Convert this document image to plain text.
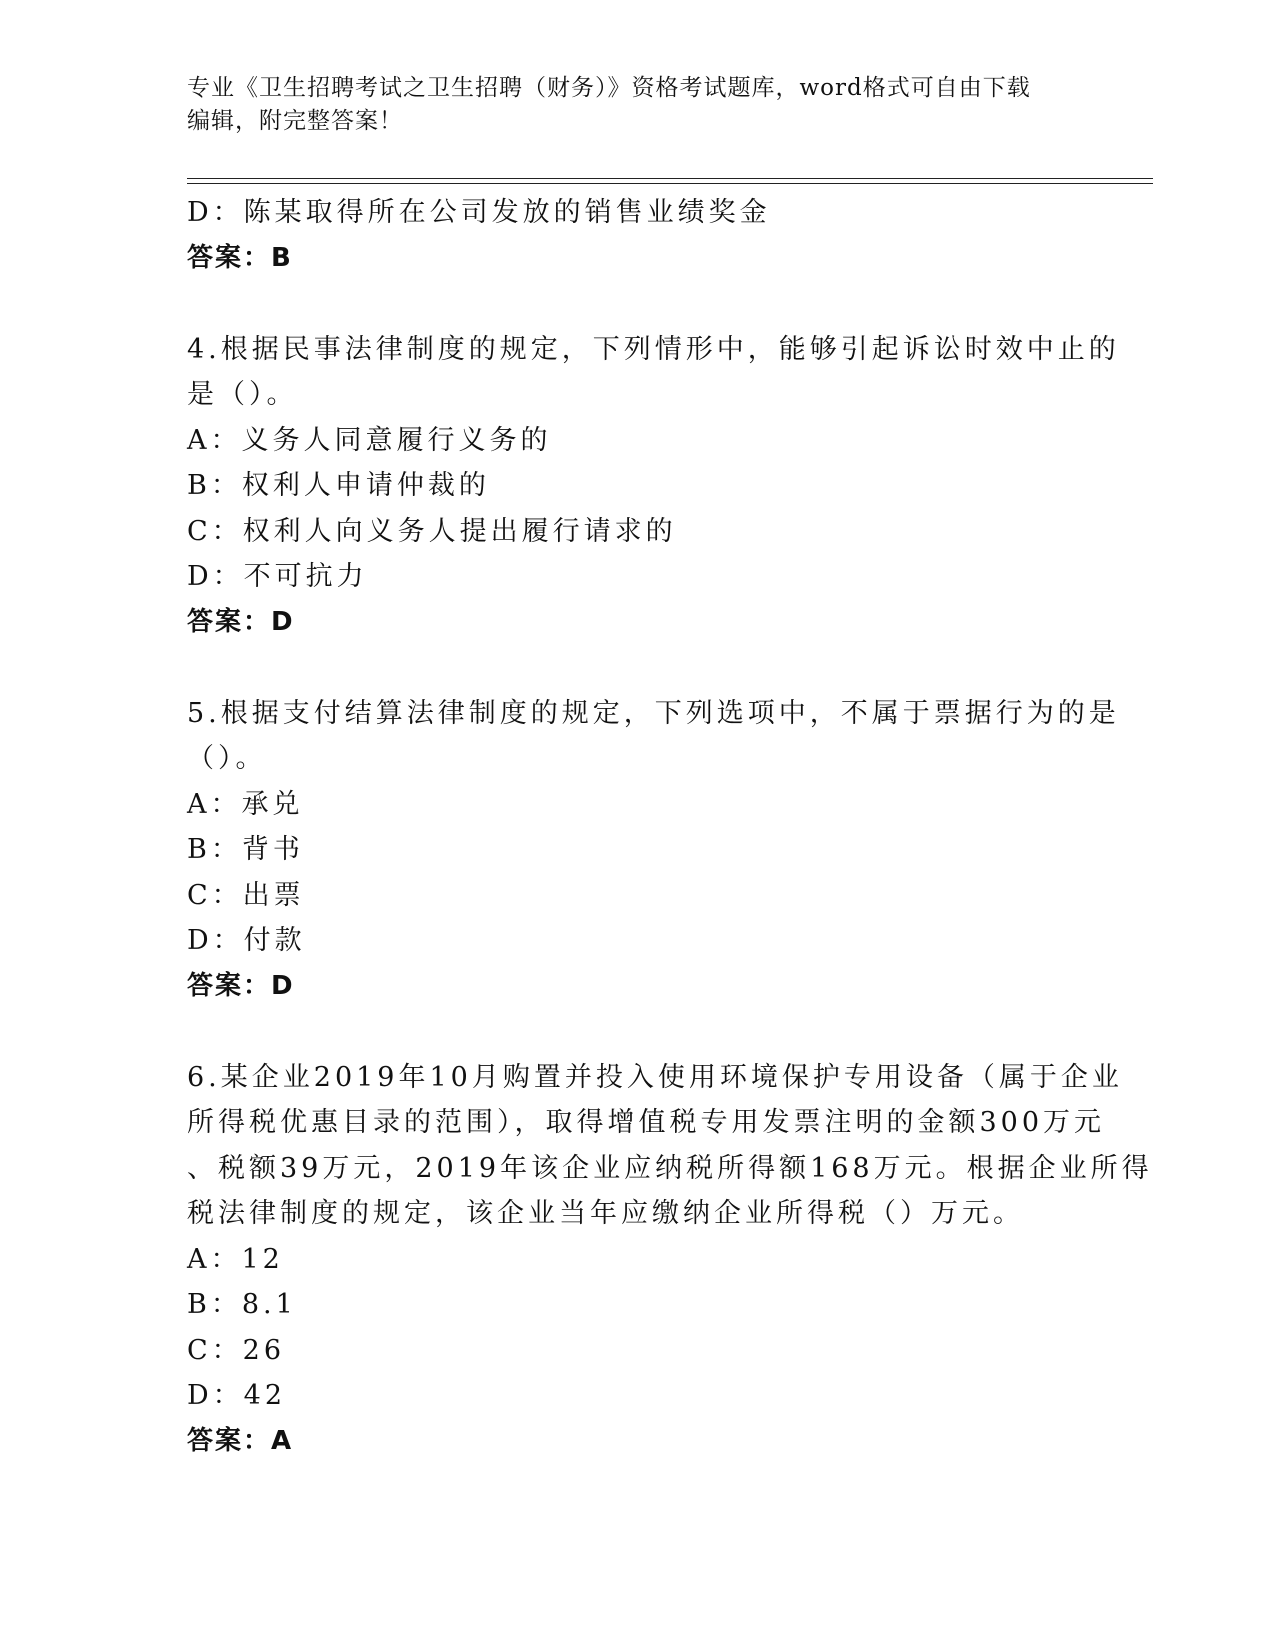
专业《卫生招聘考试之卫生招聘（财务）》资格考试题库，word格式可自由下载
编辑，附完整答案！
D：陈某取得所在公司发放的销售业绩奖金
答案：B
4.根据民事法律制度的规定，下列情形中，能够引起诉讼时效中止的
是（）。
A：义务人同意履行义务的
B：权利人申请仲裁的
C：权利人向义务人提出履行请求的
D：不可抗力
答案：D
5.根据支付结算法律制度的规定，下列选项中，不属于票据行为的是
（）。
A：承兑
B：背书
C：出票
D：付款
答案：D
6.某企业2019年10月购置并投入使用环境保护专用设备（属于企业
所得税优惠目录的范围），取得增值税专用发票注明的金额300万元
、税额39万元，2019年该企业应纳税所得额168万元。根据企业所得
税法律制度的规定，该企业当年应缴纳企业所得税（）万元。
A：12
B：8.1
C：26
D：42
答案：A
